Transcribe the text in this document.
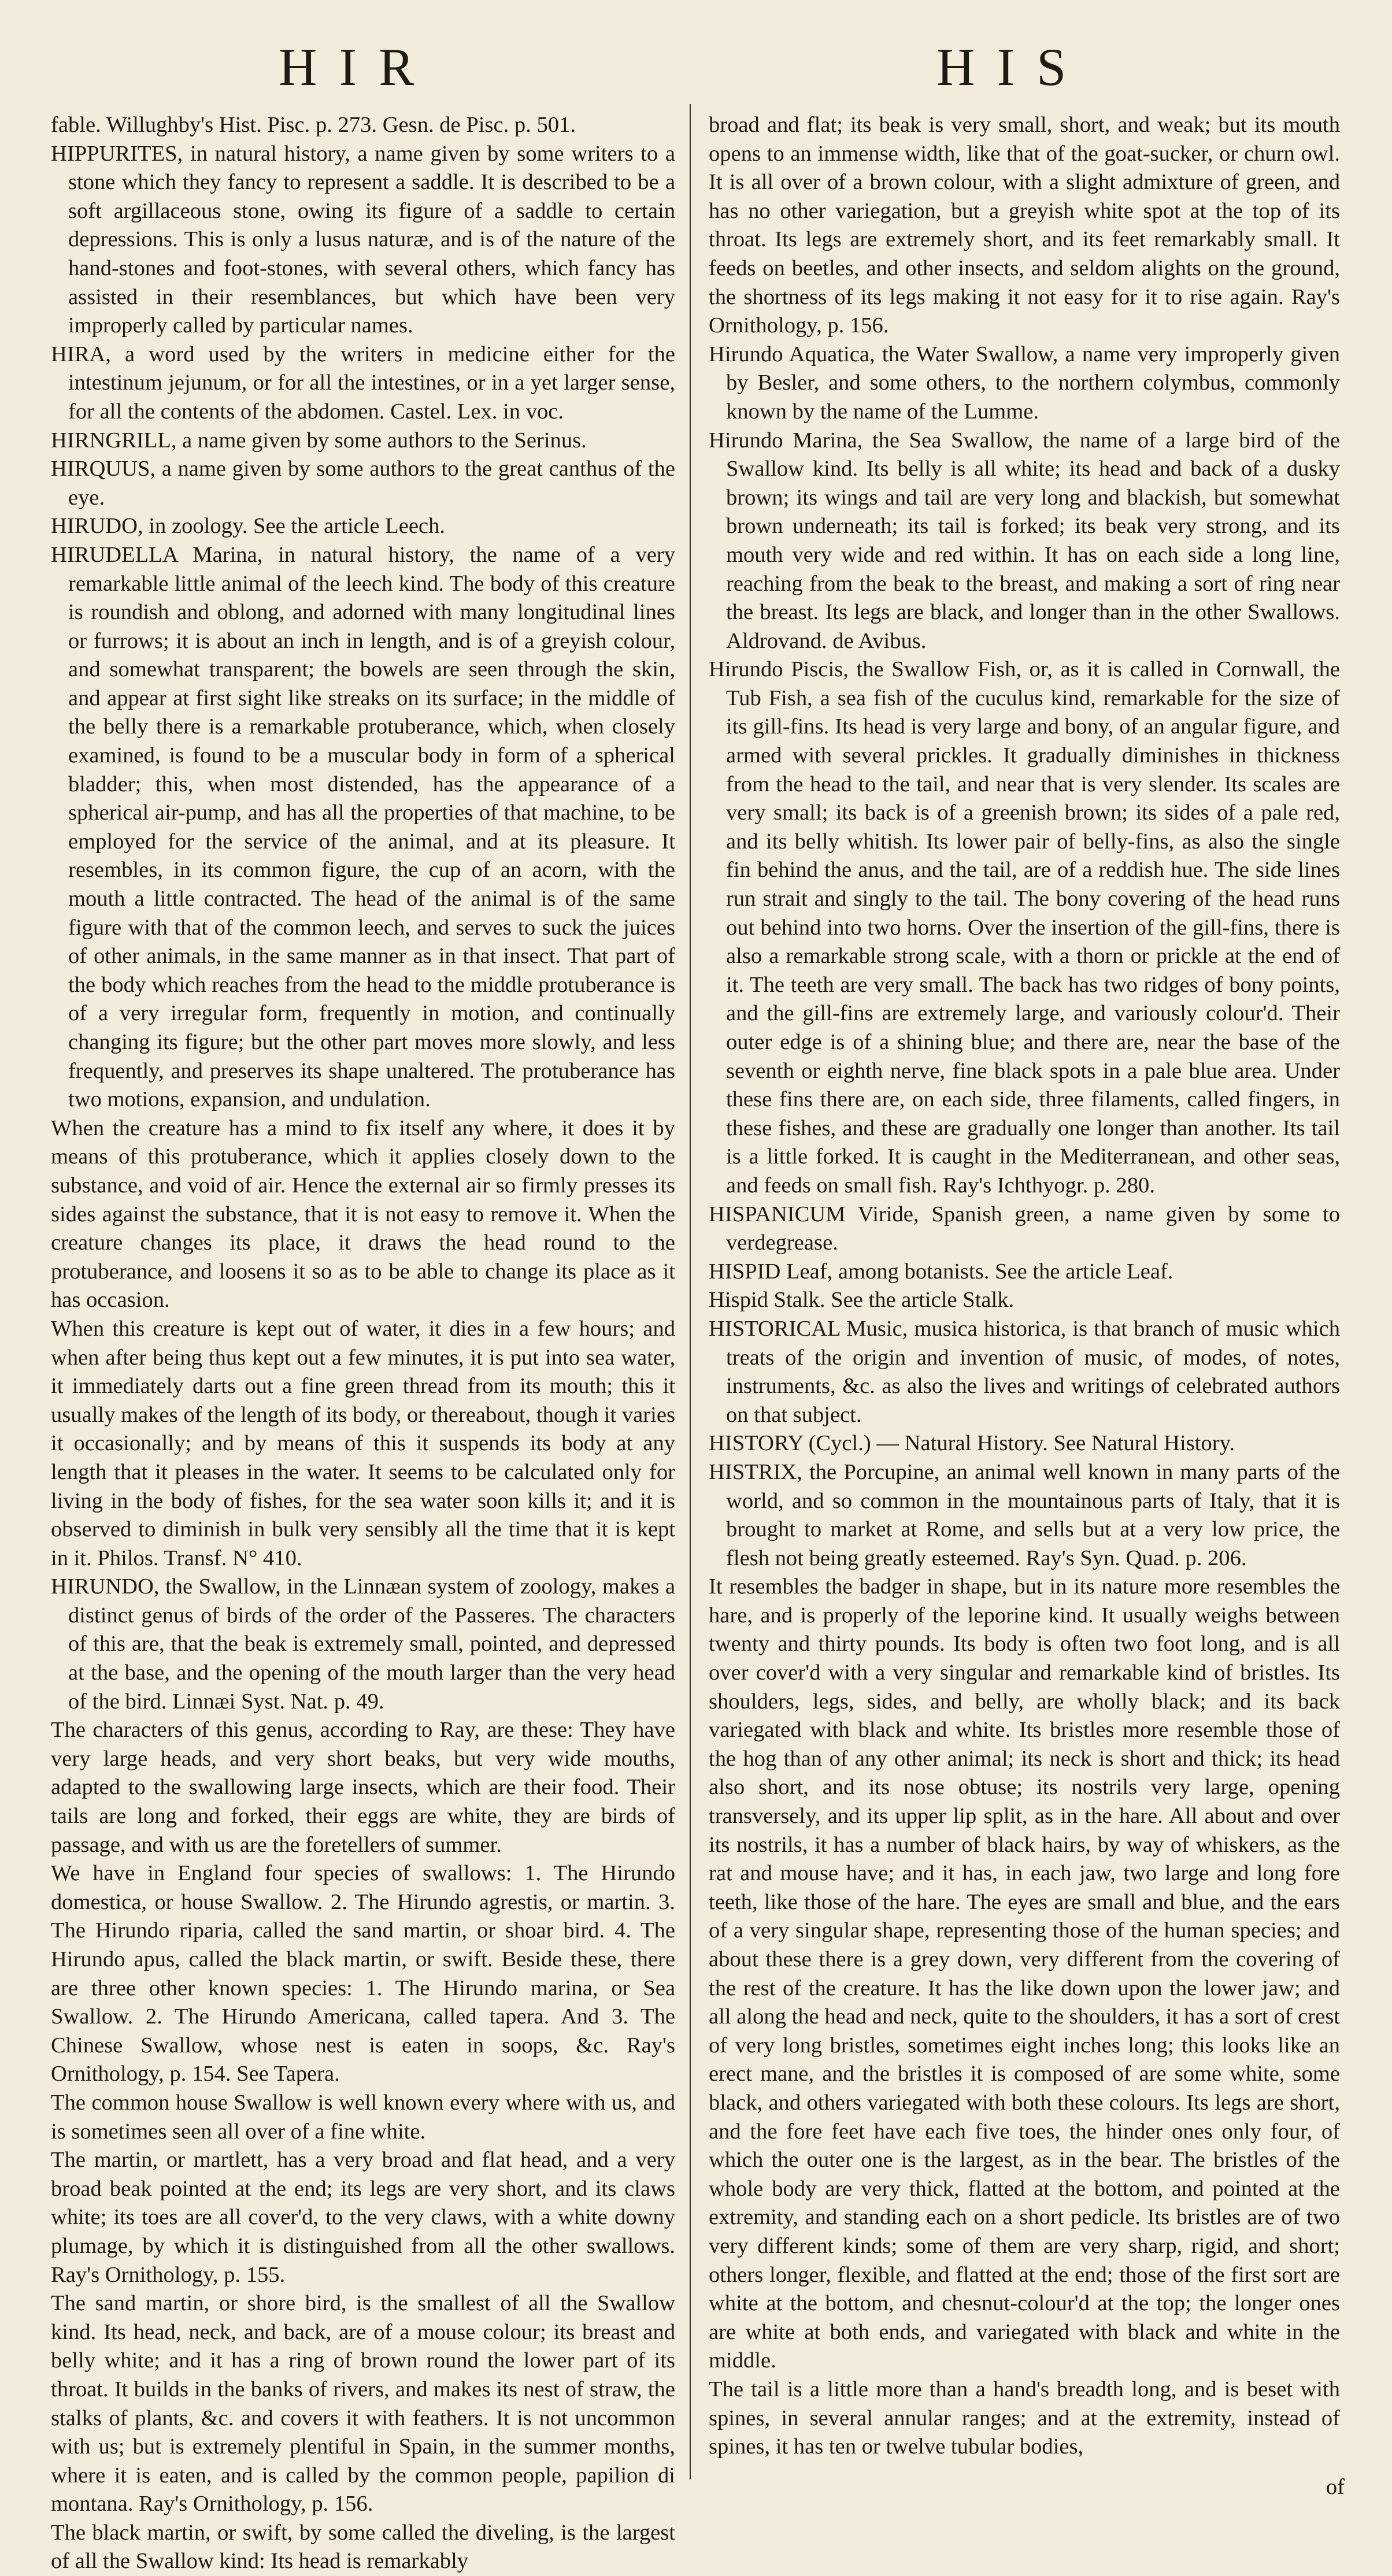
HIR	HIS

fable. Willughby's Hist. Pisc. p. 273. Gesn. de Pisc. p. 501.

HIPPURITES, in natural history, a name given by some writers to a stone which they fancy to represent a saddle. It is described to be a soft argillaceous stone, owing its figure of a saddle to certain depressions. This is only a lusus naturæ, and is of the nature of the hand-stones and foot-stones, with several others, which fancy has assisted in their resemblances, but which have been very improperly called by particular names.

HIRA, a word used by the writers in medicine either for the intestinum jejunum, or for all the intestines, or in a yet larger sense, for all the contents of the abdomen. Castel. Lex. in voc.

HIRNGRILL, a name given by some authors to the Serinus.

HIRQUUS, a name given by some authors to the great canthus of the eye.

HIRUDO, in zoology. See the article Leech.

HIRUDELLA Marina, in natural history, the name of a very remarkable little animal of the leech kind. The body of this creature is roundish and oblong, and adorned with many longitudinal lines or furrows; it is about an inch in length, and is of a greyish colour, and somewhat transparent; the bowels are seen through the skin, and appear at first sight like streaks on its surface; in the middle of the belly there is a remarkable protuberance, which, when closely examined, is found to be a muscular body in form of a spherical bladder; this, when most distended, has the appearance of a spherical air-pump, and has all the properties of that machine, to be employed for the service of the animal, and at its pleasure. It resembles, in its common figure, the cup of an acorn, with the mouth a little contracted. The head of the animal is of the same figure with that of the common leech, and serves to suck the juices of other animals, in the same manner as in that insect. That part of the body which reaches from the head to the middle protuberance is of a very irregular form, frequently in motion, and continually changing its figure; but the other part moves more slowly, and less frequently, and preserves its shape unaltered. The protuberance has two motions, expansion, and undulation.

When the creature has a mind to fix itself any where, it does it by means of this protuberance, which it applies closely down to the substance, and void of air. Hence the external air so firmly presses its sides against the substance, that it is not easy to remove it. When the creature changes its place, it draws the head round to the protuberance, and loosens it so as to be able to change its place as it has occasion.

When this creature is kept out of water, it dies in a few hours; and when after being thus kept out a few minutes, it is put into sea water, it immediately darts out a fine green thread from its mouth; this it usually makes of the length of its body, or thereabout, though it varies it occasionally; and by means of this it suspends its body at any length that it pleases in the water. It seems to be calculated only for living in the body of fishes, for the sea water soon kills it; and it is observed to diminish in bulk very sensibly all the time that it is kept in it. Philos. Transf. N° 410.

HIRUNDO, the Swallow, in the Linnæan system of zoology, makes a distinct genus of birds of the order of the Passeres. The characters of this are, that the beak is extremely small, pointed, and depressed at the base, and the opening of the mouth larger than the very head of the bird. Linnæi Syst. Nat. p. 49.

The characters of this genus, according to Ray, are these: They have very large heads, and very short beaks, but very wide mouths, adapted to the swallowing large insects, which are their food. Their tails are long and forked, their eggs are white, they are birds of passage, and with us are the foretellers of summer.

We have in England four species of swallows: 1. The Hirundo domestica, or house Swallow. 2. The Hirundo agrestis, or martin. 3. The Hirundo riparia, called the sand martin, or shoar bird. 4. The Hirundo apus, called the black martin, or swift. Beside these, there are three other known species: 1. The Hirundo marina, or Sea Swallow. 2. The Hirundo Americana, called tapera. And 3. The Chinese Swallow, whose nest is eaten in soops, &c. Ray's Ornithology, p. 154. See Tapera.

The common house Swallow is well known every where with us, and is sometimes seen all over of a fine white.

The martin, or martlett, has a very broad and flat head, and a very broad beak pointed at the end; its legs are very short, and its claws white; its toes are all cover'd, to the very claws, with a white downy plumage, by which it is distinguished from all the other swallows. Ray's Ornithology, p. 155.

The sand martin, or shore bird, is the smallest of all the Swallow kind. Its head, neck, and back, are of a mouse colour; its breast and belly white; and it has a ring of brown round the lower part of its throat. It builds in the banks of rivers, and makes its nest of straw, the stalks of plants, &c. and covers it with feathers. It is not uncommon with us; but is extremely plentiful in Spain, in the summer months, where it is eaten, and is called by the common people, papilion di montana. Ray's Ornithology, p. 156.

The black martin, or swift, by some called the diveling, is the largest of all the Swallow kind: Its head is remarkably

broad and flat; its beak is very small, short, and weak; but its mouth opens to an immense width, like that of the goat-sucker, or churn owl. It is all over of a brown colour, with a slight admixture of green, and has no other variegation, but a greyish white spot at the top of its throat. Its legs are extremely short, and its feet remarkably small. It feeds on beetles, and other insects, and seldom alights on the ground, the shortness of its legs making it not easy for it to rise again. Ray's Ornithology, p. 156.

Hirundo Aquatica, the Water Swallow, a name very improperly given by Besler, and some others, to the northern colymbus, commonly known by the name of the Lumme.

Hirundo Marina, the Sea Swallow, the name of a large bird of the Swallow kind. Its belly is all white; its head and back of a dusky brown; its wings and tail are very long and blackish, but somewhat brown underneath; its tail is forked; its beak very strong, and its mouth very wide and red within. It has on each side a long line, reaching from the beak to the breast, and making a sort of ring near the breast. Its legs are black, and longer than in the other Swallows. Aldrovand. de Avibus.

Hirundo Piscis, the Swallow Fish, or, as it is called in Cornwall, the Tub Fish, a sea fish of the cuculus kind, remarkable for the size of its gill-fins. Its head is very large and bony, of an angular figure, and armed with several prickles. It gradually diminishes in thickness from the head to the tail, and near that is very slender. Its scales are very small; its back is of a greenish brown; its sides of a pale red, and its belly whitish. Its lower pair of belly-fins, as also the single fin behind the anus, and the tail, are of a reddish hue. The side lines run strait and singly to the tail. The bony covering of the head runs out behind into two horns. Over the insertion of the gill-fins, there is also a remarkable strong scale, with a thorn or prickle at the end of it. The teeth are very small. The back has two ridges of bony points, and the gill-fins are extremely large, and variously colour'd. Their outer edge is of a shining blue; and there are, near the base of the seventh or eighth nerve, fine black spots in a pale blue area. Under these fins there are, on each side, three filaments, called fingers, in these fishes, and these are gradually one longer than another. Its tail is a little forked. It is caught in the Mediterranean, and other seas, and feeds on small fish. Ray's Ichthyogr. p. 280.

HISPANICUM Viride, Spanish green, a name given by some to verdegrease.

HISPID Leaf, among botanists. See the article Leaf.

Hispid Stalk. See the article Stalk.

HISTORICAL Music, musica historica, is that branch of music which treats of the origin and invention of music, of modes, of notes, instruments, &c. as also the lives and writings of celebrated authors on that subject.

HISTORY (Cycl.) — Natural History. See Natural History.

HISTRIX, the Porcupine, an animal well known in many parts of the world, and so common in the mountainous parts of Italy, that it is brought to market at Rome, and sells but at a very low price, the flesh not being greatly esteemed. Ray's Syn. Quad. p. 206.

It resembles the badger in shape, but in its nature more resembles the hare, and is properly of the leporine kind. It usually weighs between twenty and thirty pounds. Its body is often two foot long, and is all over cover'd with a very singular and remarkable kind of bristles. Its shoulders, legs, sides, and belly, are wholly black; and its back variegated with black and white. Its bristles more resemble those of the hog than of any other animal; its neck is short and thick; its head also short, and its nose obtuse; its nostrils very large, opening transversely, and its upper lip split, as in the hare. All about and over its nostrils, it has a number of black hairs, by way of whiskers, as the rat and mouse have; and it has, in each jaw, two large and long fore teeth, like those of the hare. The eyes are small and blue, and the ears of a very singular shape, representing those of the human species; and about these there is a grey down, very different from the covering of the rest of the creature. It has the like down upon the lower jaw; and all along the head and neck, quite to the shoulders, it has a sort of crest of very long bristles, sometimes eight inches long; this looks like an erect mane, and the bristles it is composed of are some white, some black, and others variegated with both these colours. Its legs are short, and the fore feet have each five toes, the hinder ones only four, of which the outer one is the largest, as in the bear. The bristles of the whole body are very thick, flatted at the bottom, and pointed at the extremity, and standing each on a short pedicle. Its bristles are of two very different kinds; some of them are very sharp, rigid, and short; others longer, flexible, and flatted at the end; those of the first sort are white at the bottom, and chesnut-colour'd at the top; the longer ones are white at both ends, and variegated with black and white in the middle.

The tail is a little more than a hand's breadth long, and is beset with spines, in several annular ranges; and at the extremity, instead of spines, it has ten or twelve tubular bodies,

of
